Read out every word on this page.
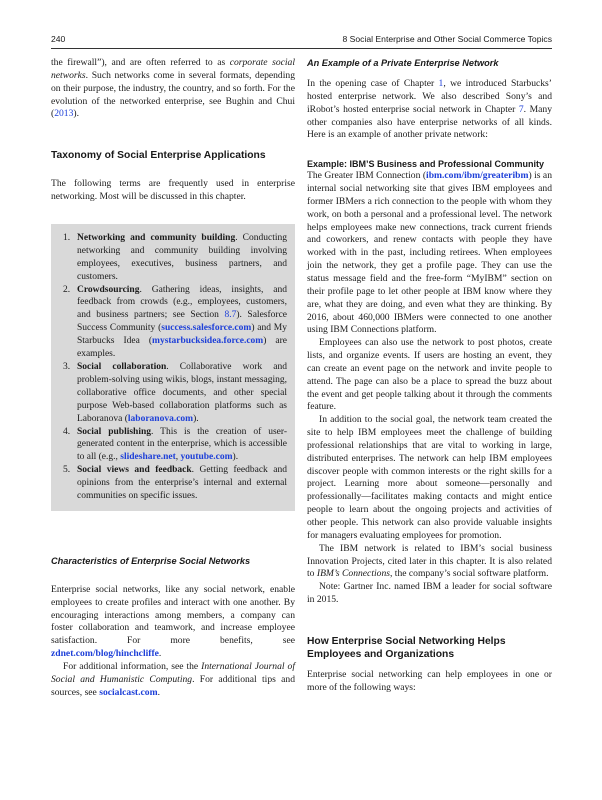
240	8 Social Enterprise and Other Social Commerce Topics

the firewall”), and are often referred to as corporate social networks. Such networks come in several formats, depending on their purpose, the industry, the country, and so forth. For the evolution of the networked enterprise, see Bughin and Chui (2013).

Taxonomy of Social Enterprise Applications

The following terms are frequently used in enterprise networking. Most will be discussed in this chapter.

1. Networking and community building. Conducting networking and community building involving employees, executives, business partners, and customers.
2. Crowdsourcing. Gathering ideas, insights, and feedback from crowds (e.g., employees, customers, and business partners; see Section 8.7). Salesforce Success Community (success.salesforce.com) and My Starbucks Idea (mystarbucksidea.force.com) are examples.
3. Social collaboration. Collaborative work and problem-solving using wikis, blogs, instant messaging, collaborative office documents, and other special purpose Web-based collaboration platforms such as Laboranova (laboranova.com).
4. Social publishing. This is the creation of user-generated content in the enterprise, which is accessible to all (e.g., slideshare.net, youtube.com).
5. Social views and feedback. Getting feedback and opinions from the enterprise’s internal and external communities on specific issues.
Characteristics of Enterprise Social Networks

Enterprise social networks, like any social network, enable employees to create profiles and interact with one another. By encouraging interactions among members, a company can foster collaboration and teamwork, and increase employee satisfaction. For more benefits, see zdnet.com/blog/hinchcliffe.

For additional information, see the International Journal of Social and Humanistic Computing. For additional tips and sources, see socialcast.com.

An Example of a Private Enterprise Network

In the opening case of Chapter 1, we introduced Starbucks’ hosted enterprise network. We also described Sony’s and iRobot’s hosted enterprise social network in Chapter 7. Many other companies also have enterprise networks of all kinds. Here is an example of another private network:

Example: IBM’S Business and Professional Community

The Greater IBM Connection (ibm.com/ibm/greateribm) is an internal social networking site that gives IBM employees and former IBMers a rich connection to the people with whom they work, on both a personal and a professional level. The network helps employees make new connections, track current friends and coworkers, and renew contacts with people they have worked with in the past, including retirees. When employees join the network, they get a profile page. They can use the status message field and the free-form “MyIBM” section on their profile page to let other people at IBM know where they are, what they are doing, and even what they are thinking. By 2016, about 460,000 IBMers were connected to one another using IBM Connections platform.

Employees can also use the network to post photos, create lists, and organize events. If users are hosting an event, they can create an event page on the network and invite people to attend. The page can also be a place to spread the buzz about the event and get people talking about it through the comments feature.

In addition to the social goal, the network team created the site to help IBM employees meet the challenge of building professional relationships that are vital to working in large, distributed enterprises. The network can help IBM employees discover people with common interests or the right skills for a project. Learning more about someone—personally and professionally—facilitates making contacts and might entice people to learn about the ongoing projects and activities of other people. This network can also provide valuable insights for managers evaluating employees for promotion.

The IBM network is related to IBM’s social business Innovation Projects, cited later in this chapter. It is also related to IBM’s Connections, the company’s social software platform.

Note: Gartner Inc. named IBM a leader for social software in 2015.

How Enterprise Social Networking Helps Employees and Organizations

Enterprise social networking can help employees in one or more of the following ways:
